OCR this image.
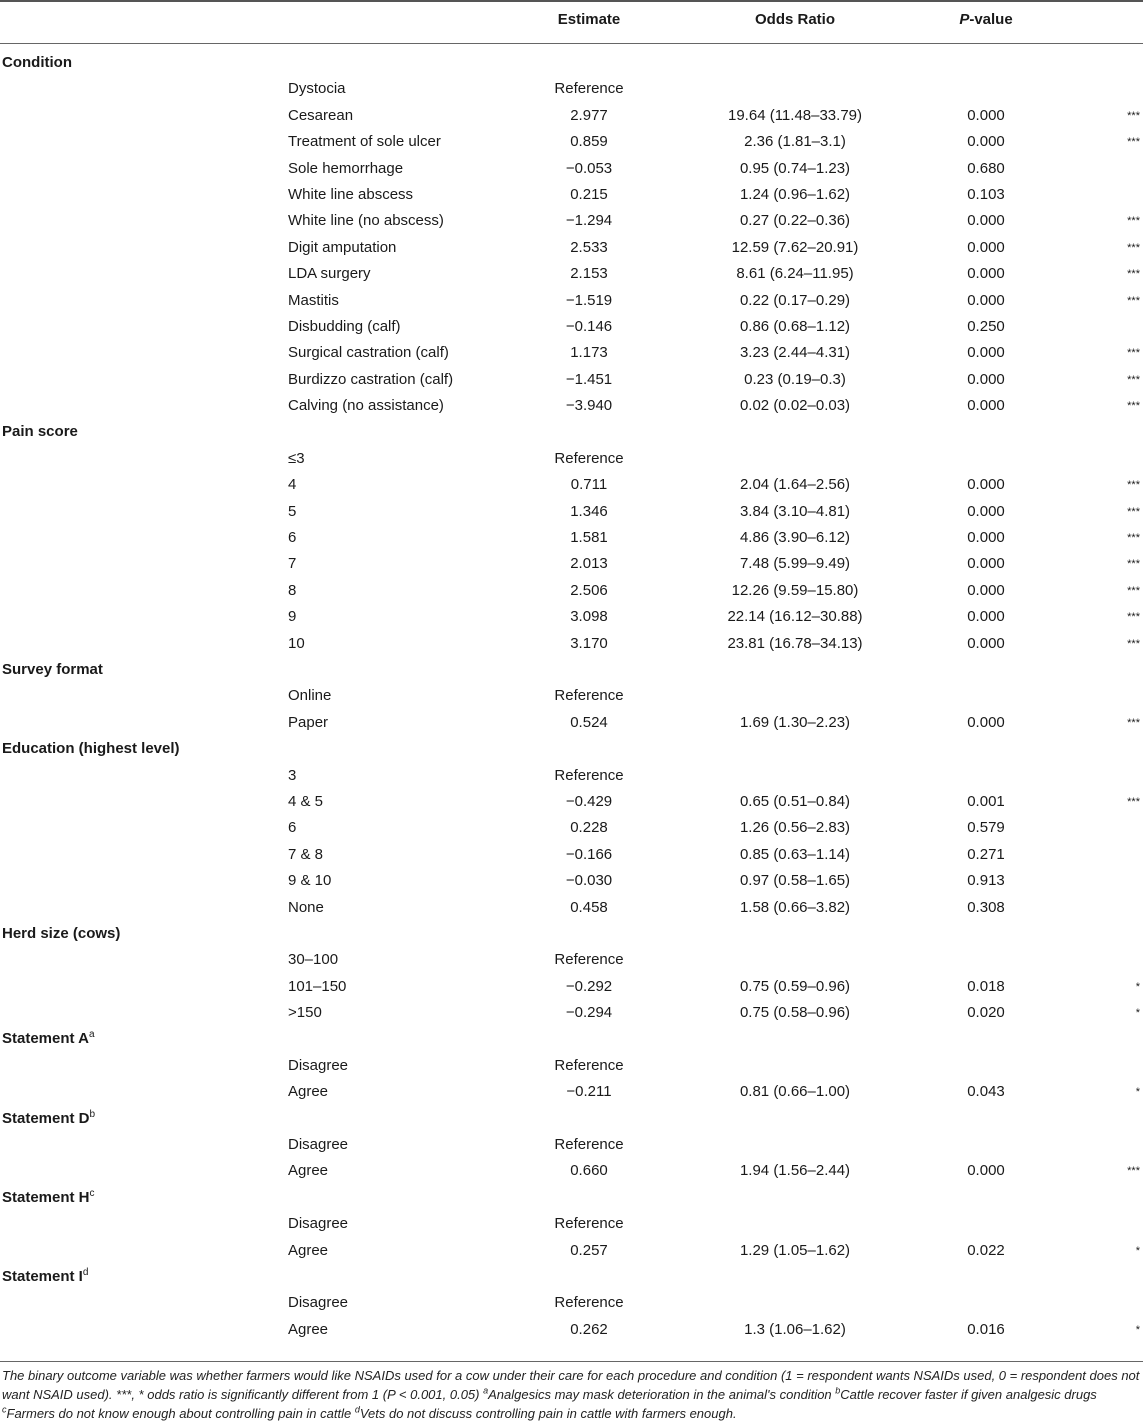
Estimate	Odds Ratio	P-value
Condition
Dystocia	Reference
Cesarean	2.977	19.64 (11.48–33.79)	0.000	***
Treatment of sole ulcer	0.859	2.36 (1.81–3.1)	0.000	***
Sole hemorrhage	−0.053	0.95 (0.74–1.23)	0.680
White line abscess	0.215	1.24 (0.96–1.62)	0.103
White line (no abscess)	−1.294	0.27 (0.22–0.36)	0.000	***
Digit amputation	2.533	12.59 (7.62–20.91)	0.000	***
LDA surgery	2.153	8.61 (6.24–11.95)	0.000	***
Mastitis	−1.519	0.22 (0.17–0.29)	0.000	***
Disbudding (calf)	−0.146	0.86 (0.68–1.12)	0.250
Surgical castration (calf)	1.173	3.23 (2.44–4.31)	0.000	***
Burdizzo castration (calf)	−1.451	0.23 (0.19–0.3)	0.000	***
Calving (no assistance)	−3.940	0.02 (0.02–0.03)	0.000	***
Pain score
≤3	Reference
4	0.711	2.04 (1.64–2.56)	0.000	***
5	1.346	3.84 (3.10–4.81)	0.000	***
6	1.581	4.86 (3.90–6.12)	0.000	***
7	2.013	7.48 (5.99–9.49)	0.000	***
8	2.506	12.26 (9.59–15.80)	0.000	***
9	3.098	22.14 (16.12–30.88)	0.000	***
10	3.170	23.81 (16.78–34.13)	0.000	***
Survey format
Online	Reference
Paper	0.524	1.69 (1.30–2.23)	0.000	***
Education (highest level)
3	Reference
4 & 5	−0.429	0.65 (0.51–0.84)	0.001	***
6	0.228	1.26 (0.56–2.83)	0.579
7 & 8	−0.166	0.85 (0.63–1.14)	0.271
9 & 10	−0.030	0.97 (0.58–1.65)	0.913
None	0.458	1.58 (0.66–3.82)	0.308
Herd size (cows)
30–100	Reference
101–150	−0.292	0.75 (0.59–0.96)	0.018	*
>150	−0.294	0.75 (0.58–0.96)	0.020	*
Statement $A^a$
Disagree	Reference
Agree	−0.211	0.81 (0.66–1.00)	0.043	*
Statement $D^b$
Disagree	Reference
Agree	0.660	1.94 (1.56–2.44)	0.000	***
Statement $H^c$
Disagree	Reference
Agree	0.257	1.29 (1.05–1.62)	0.022	*
Statement $I^d$
Disagree	Reference
Agree	0.262	1.3 (1.06–1.62)	0.016	*
The binary outcome variable was whether farmers would like NSAIDs used for a cow under their care for each procedure and condition (1 = respondent wants NSAIDs used, 0 = respondent does not want NSAID used). ***, * odds ratio is significantly different from 1 (P < 0.001, 0.05) $^a$Analgesics may mask deterioration in the animal's condition $^b$Cattle recover faster if given analgesic drugs $^c$Farmers do not know enough about controlling pain in cattle $^d$Vets do not discuss controlling pain in cattle with farmers enough.
